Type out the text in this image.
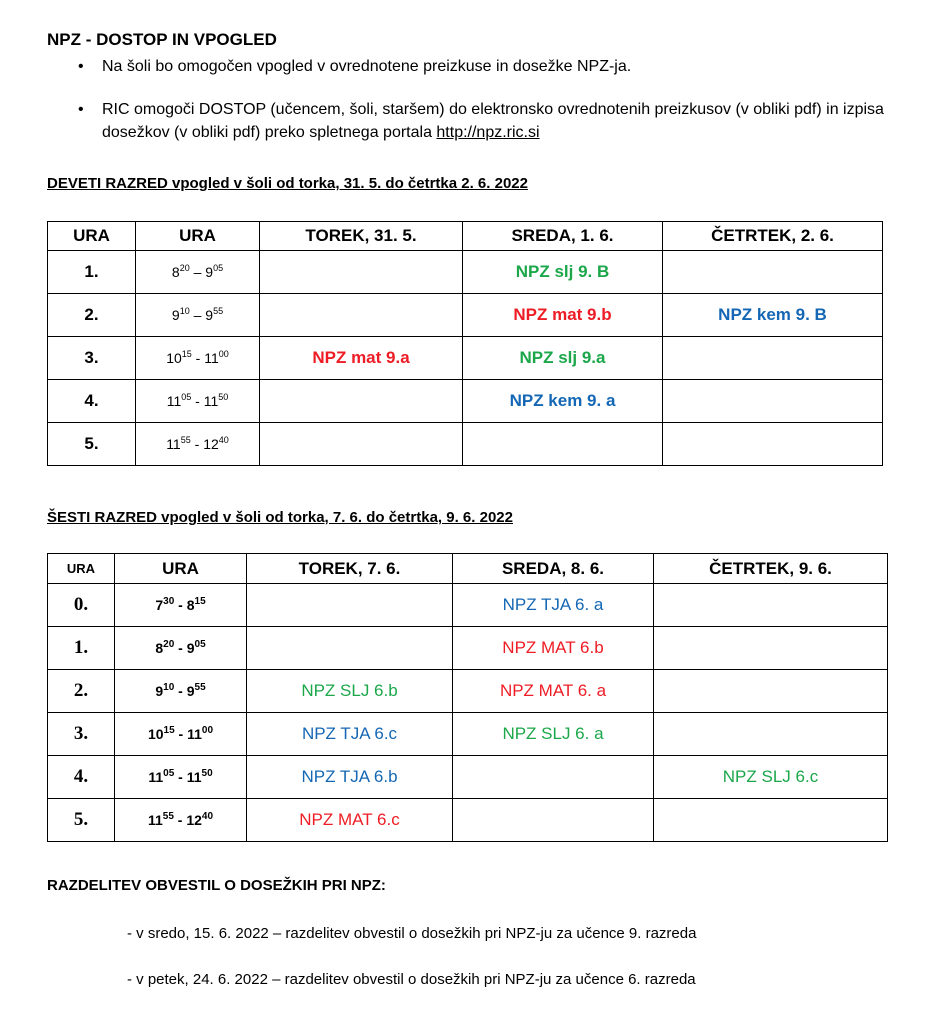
NPZ - DOSTOP IN VPOGLED
• Na šoli bo omogočen vpogled v ovrednotene preizkuse in dosežke NPZ-ja.
• RIC omogoči DOSTOP (učencem, šoli, staršem) do elektronsko ovrednotenih preizkusov (v obliki pdf) in izpisa dosežkov (v obliki pdf) preko spletnega portala http://npz.ric.si
DEVETI RAZRED vpogled v šoli od torka, 31. 5. do četrtka 2. 6. 2022
URA	URA	TOREK, 31. 5.	SREDA, 1. 6.	ČETRTEK, 2. 6.
1.	$8^{20} - 9^{05}$		NPZ slj 9. B	
2.	$9^{10} - 9^{55}$		NPZ mat 9.b	NPZ kem 9. B
3.	$10^{15} - 11^{00}$	NPZ mat 9.a	NPZ slj 9.a	
4.	$11^{05} - 11^{50}$		NPZ kem 9. a	
5.	$11^{55} - 12^{40}$			
ŠESTI RAZRED vpogled v šoli od torka, 7. 6. do četrtka, 9. 6. 2022
URA	URA	TOREK, 7. 6.	SREDA, 8. 6.	ČETRTEK, 9. 6.
0.	$7^{30} - 8^{15}$		NPZ TJA 6. a	
1.	$8^{20} - 9^{05}$		NPZ MAT 6.b	
2.	$9^{10} - 9^{55}$	NPZ SLJ 6.b	NPZ MAT 6. a	
3.	$10^{15} - 11^{00}$	NPZ TJA 6.c	NPZ SLJ 6. a	
4.	$11^{05} - 11^{50}$	NPZ TJA 6.b		NPZ SLJ 6.c
5.	$11^{55} - 12^{40}$	NPZ MAT 6.c		
RAZDELITEV OBVESTIL O DOSEŽKIH PRI NPZ:
- v sredo, 15. 6. 2022 – razdelitev obvestil o dosežkih pri NPZ-ju za učence 9. razreda
- v petek, 24. 6. 2022 – razdelitev obvestil o dosežkih pri NPZ-ju za učence 6. razreda
